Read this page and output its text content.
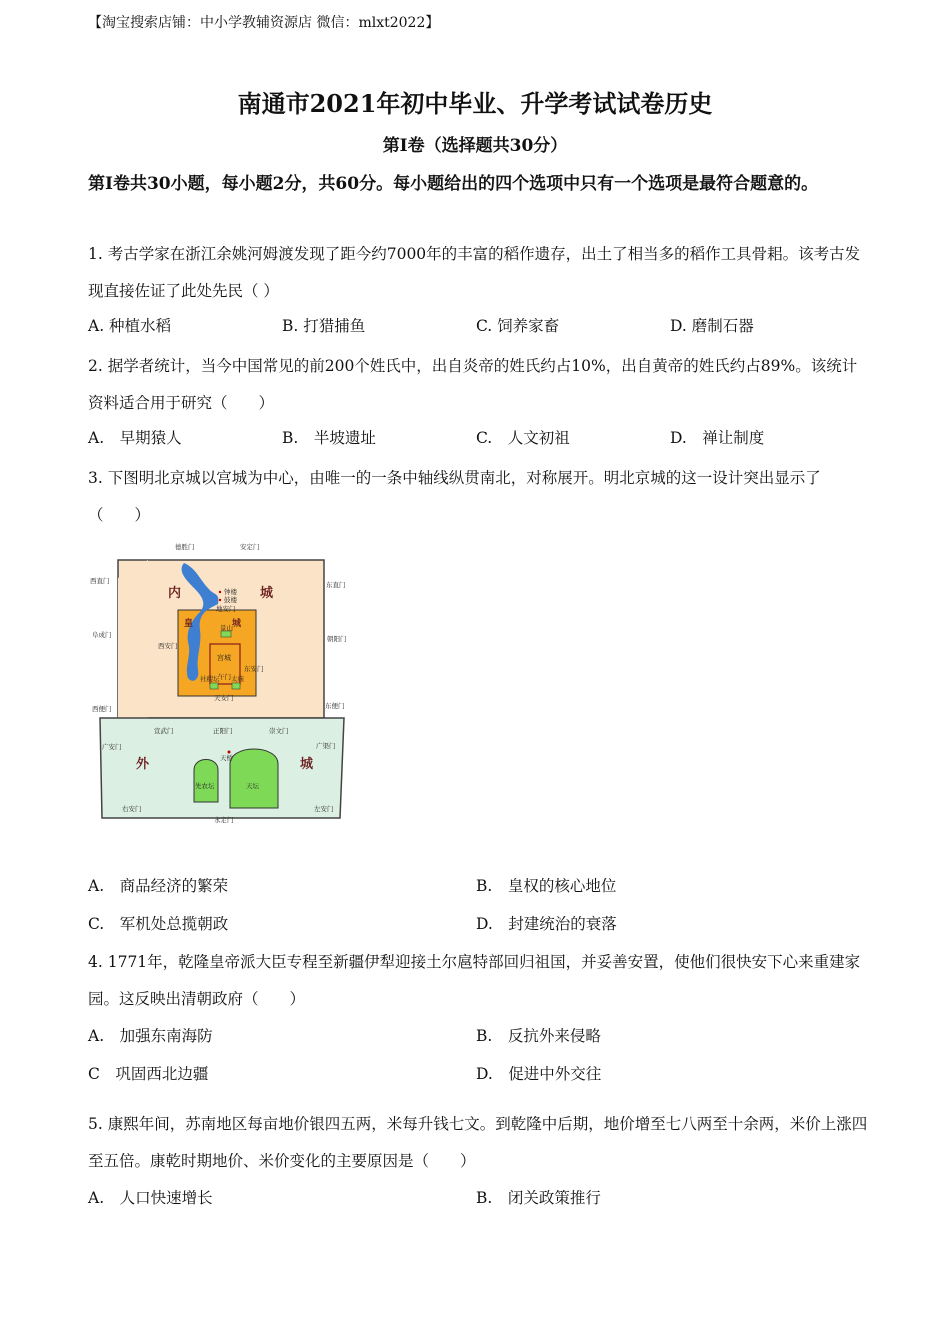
【淘宝搜索店铺：中小学教辅资源店 微信：mlxt2022】
南通市2021年初中毕业、升学考试试卷历史
第Ⅰ卷（选择题共30分）
第Ⅰ卷共30小题，每小题2分，共60分。每小题给出的四个选项中只有一个选项是最符合题意的。
1. 考古学家在浙江余姚河姆渡发现了距今约7000年的丰富的稻作遗存，出土了相当多的稻作工具骨耜。该考古发现直接佐证了此处先民（ ）
A. 种植水稻	B. 打猎捕鱼	C. 饲养家畜	D. 磨制石器
2. 据学者统计，当今中国常见的前200个姓氏中，出自炎帝的姓氏约占10%，出自黄帝的姓氏约占89%。该统计资料适合用于研究（　　）
A.　早期猿人	B.　半坡遗址	C.　人文初祖	D.　禅让制度
3. 下图明北京城以宫城为中心，由唯一的一条中轴线纵贯南北，对称展开。明北京城的这一设计突出显示了（　　）
德胜门	安定门
西直门	东直门
阜成门	朝阳门
西便门	东便门
宣武门	正阳门	崇文门
广安门	广渠门
右安门	左安门
永定门
内	城
皇	城
宫城
外	城
钟楼
鼓楼
地安门
景山
西安门
东安门
午门
社稷坛 太庙
天安门
天桥
先农坛	天坛
A.　商品经济的繁荣	B.　皇权的核心地位
C.　军机处总揽朝政	D.　封建统治的衰落
4. 1771年，乾隆皇帝派大臣专程至新疆伊犁迎接土尔扈特部回归祖国，并妥善安置，使他们很快安下心来重建家园。这反映出清朝政府（　　）
A.　加强东南海防	B.　反抗外来侵略
C　巩固西北边疆	D.　促进中外交往
5. 康熙年间，苏南地区每亩地价银四五两，米每升钱七文。到乾隆中后期，地价增至七八两至十余两，米价上涨四至五倍。康乾时期地价、米价变化的主要原因是（　　）
A.　人口快速增长	B.　闭关政策推行
